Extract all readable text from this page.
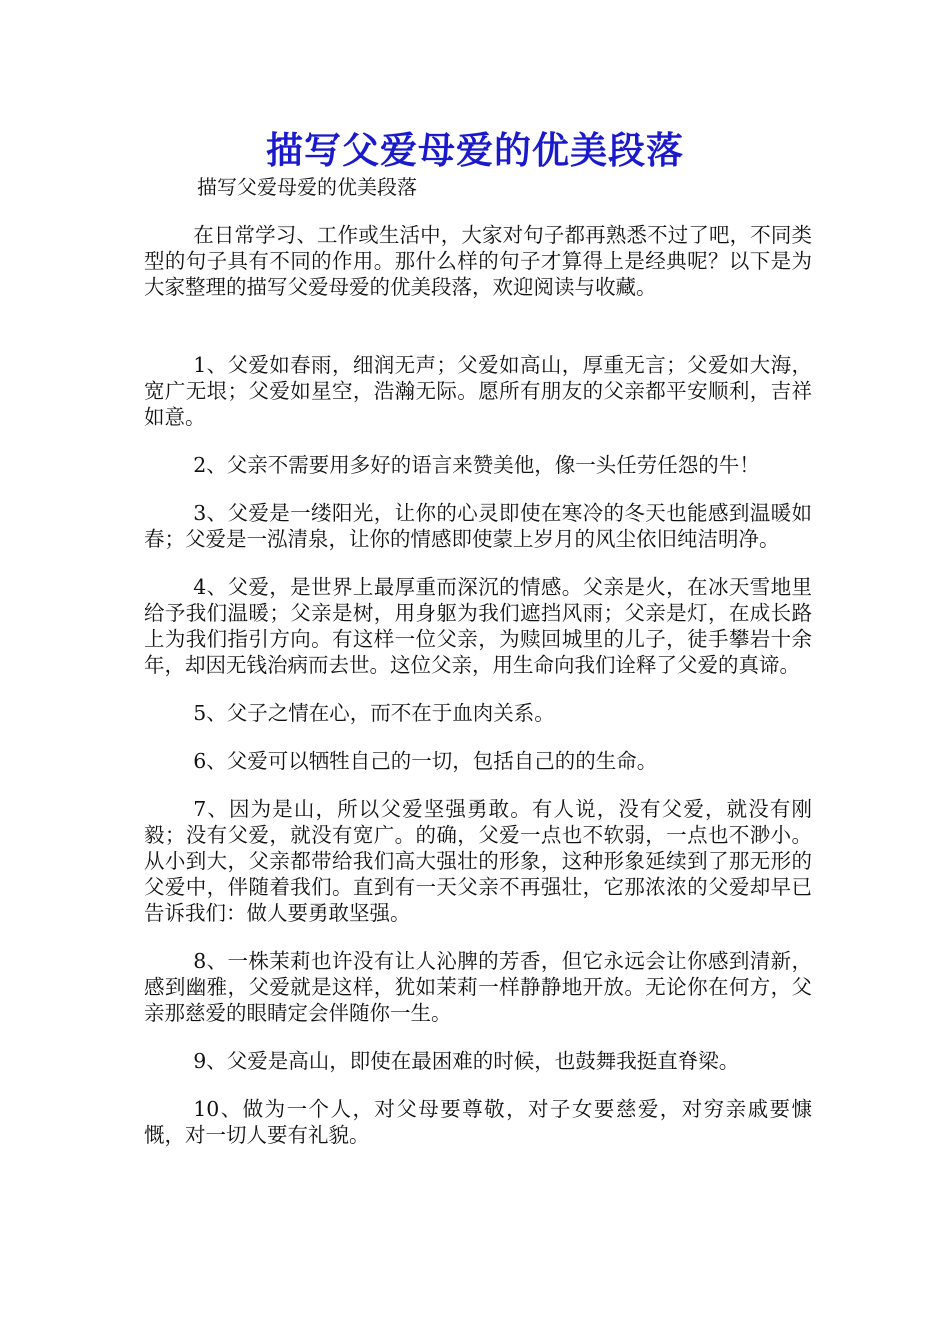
描写父爱母爱的优美段落

描写父爱母爱的优美段落

在日常学习、工作或生活中，大家对句子都再熟悉不过了吧，不同类型的句子具有不同的作用。那什么样的句子才算得上是经典呢？以下是为大家整理的描写父爱母爱的优美段落，欢迎阅读与收藏。

1、父爱如春雨，细润无声；父爱如高山，厚重无言；父爱如大海，宽广无垠；父爱如星空，浩瀚无际。愿所有朋友的父亲都平安顺利，吉祥如意。

2、父亲不需要用多好的语言来赞美他，像一头任劳任怨的牛！

3、父爱是一缕阳光，让你的心灵即使在寒冷的冬天也能感到温暖如春；父爱是一泓清泉，让你的情感即使蒙上岁月的风尘依旧纯洁明净。

4、父爱，是世界上最厚重而深沉的情感。父亲是火，在冰天雪地里给予我们温暖；父亲是树，用身躯为我们遮挡风雨；父亲是灯，在成长路上为我们指引方向。有这样一位父亲，为赎回城里的儿子，徒手攀岩十余年，却因无钱治病而去世。这位父亲，用生命向我们诠释了父爱的真谛。

5、父子之情在心，而不在于血肉关系。

6、父爱可以牺牲自己的一切，包括自己的的生命。

7、因为是山，所以父爱坚强勇敢。有人说，没有父爱，就没有刚毅；没有父爱，就没有宽广。的确，父爱一点也不软弱，一点也不渺小。从小到大，父亲都带给我们高大强壮的形象，这种形象延续到了那无形的父爱中，伴随着我们。直到有一天父亲不再强壮，它那浓浓的父爱却早已告诉我们：做人要勇敢坚强。

8、一株茉莉也许没有让人沁脾的芳香，但它永远会让你感到清新，感到幽雅，父爱就是这样，犹如茉莉一样静静地开放。无论你在何方，父亲那慈爱的眼睛定会伴随你一生。

9、父爱是高山，即使在最困难的时候，也鼓舞我挺直脊梁。

10、做为一个人，对父母要尊敬，对子女要慈爱，对穷亲戚要慷慨，对一切人要有礼貌。
